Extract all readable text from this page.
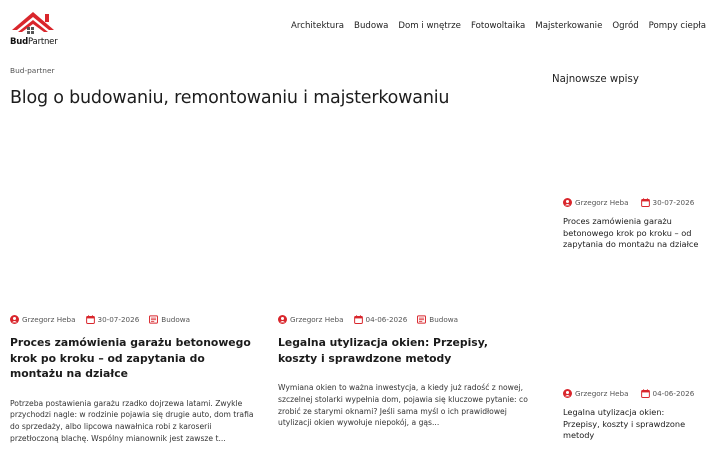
BudPartner
Architektura Budowa Dom i wnętrze Fotowoltaika Majsterkowanie Ogród Pompy ciepła
Bud-partner
Blog o budowaniu, remontowaniu i majsterkowaniu
Grzegorz Heba	30-07-2026	Budowa
Proces zamówienia garażu betonowego krok po kroku – od zapytania do montażu na działce

Potrzeba postawienia garażu rzadko dojrzewa latami. Zwykle przychodzi nagle: w rodzinie pojawia się drugie auto, dom trafia do sprzedaży, albo lipcowa nawałnica robi z karoserii przetłoczoną blachę. Wspólny mianownik jest zawsze t...

Grzegorz Heba	04-06-2026	Budowa
Legalna utylizacja okien: Przepisy, koszty i sprawdzone metody

Wymiana okien to ważna inwestycja, a kiedy już radość z nowej, szczelnej stolarki wypełnia dom, pojawia się kluczowe pytanie: co zrobić ze starymi oknami? Jeśli sama myśl o ich prawidłowej utylizacji okien wywołuje niepokój, a gąs...

Najnowsze wpisy
Grzegorz Heba	30-07-2026
Proces zamówienia garażu betonowego krok po kroku – od zapytania do montażu na działce
Grzegorz Heba	04-06-2026
Legalna utylizacja okien: Przepisy, koszty i sprawdzone metody
